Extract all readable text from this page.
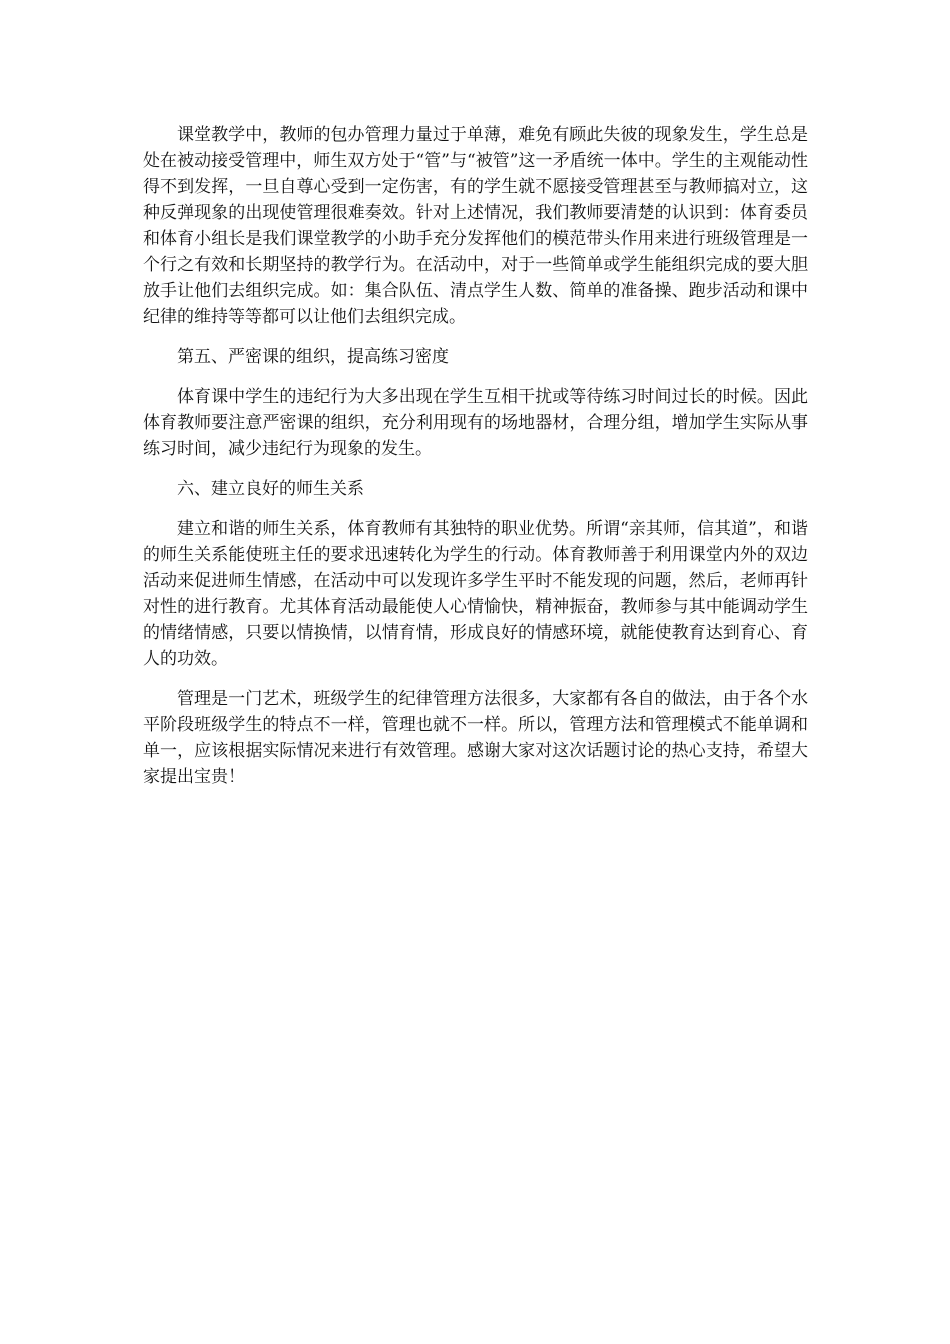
课堂教学中，教师的包办管理力量过于单薄，难免有顾此失彼的现象发生，学生总是处在被动接受管理中，师生双方处于“管”与“被管”这一矛盾统一体中。学生的主观能动性得不到发挥，一旦自尊心受到一定伤害，有的学生就不愿接受管理甚至与教师搞对立，这种反弹现象的出现使管理很难奏效。针对上述情况，我们教师要清楚的认识到：体育委员和体育小组长是我们课堂教学的小助手充分发挥他们的模范带头作用来进行班级管理是一个行之有效和长期坚持的教学行为。在活动中，对于一些简单或学生能组织完成的要大胆放手让他们去组织完成。如：集合队伍、清点学生人数、简单的准备操、跑步活动和课中纪律的维持等等都可以让他们去组织完成。

第五、严密课的组织，提高练习密度

体育课中学生的违纪行为大多出现在学生互相干扰或等待练习时间过长的时候。因此体育教师要注意严密课的组织，充分利用现有的场地器材，合理分组，增加学生实际从事练习时间，减少违纪行为现象的发生。

六、建立良好的师生关系

建立和谐的师生关系，体育教师有其独特的职业优势。所谓“亲其师，信其道”，和谐的师生关系能使班主任的要求迅速转化为学生的行动。体育教师善于利用课堂内外的双边活动来促进师生情感，在活动中可以发现许多学生平时不能发现的问题，然后，老师再针对性的进行教育。尤其体育活动最能使人心情愉快，精神振奋，教师参与其中能调动学生的情绪情感，只要以情换情，以情育情，形成良好的情感环境，就能使教育达到育心、育人的功效。

管理是一门艺术，班级学生的纪律管理方法很多，大家都有各自的做法，由于各个水平阶段班级学生的特点不一样，管理也就不一样。所以，管理方法和管理模式不能单调和单一，应该根据实际情况来进行有效管理。感谢大家对这次话题讨论的热心支持，希望大家提出宝贵！
